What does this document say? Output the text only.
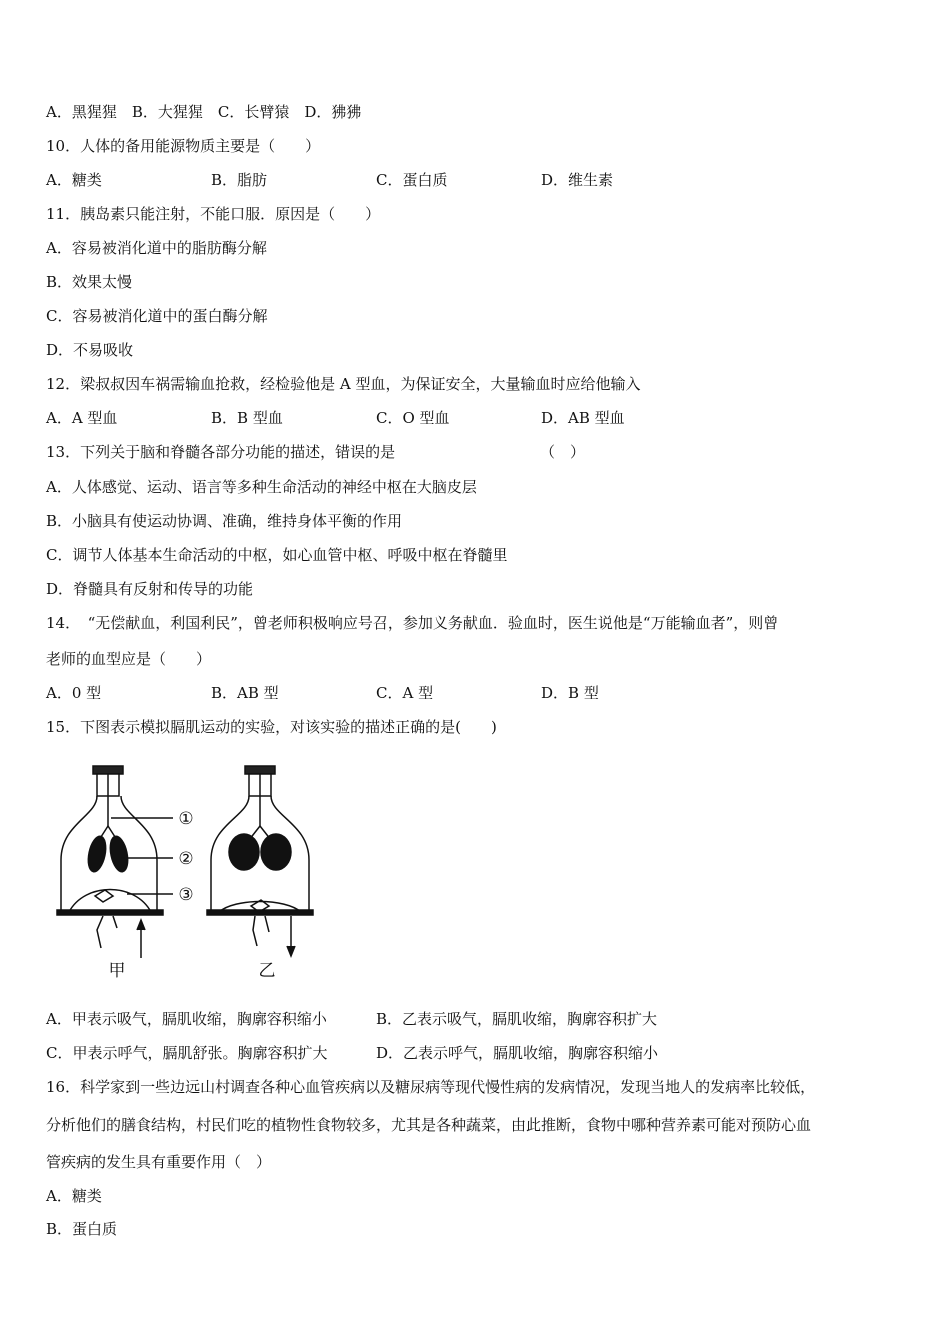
A．黑猩猩　B．大猩猩　C．长臂猿　D．狒狒
10．人体的备用能源物质主要是（　　）
A．糖类	B．脂肪	C．蛋白质	D．维生素
11．胰岛素只能注射，不能口服．原因是（　　）
A．容易被消化道中的脂肪酶分解
B．效果太慢
C．容易被消化道中的蛋白酶分解
D．不易吸收
12．梁叔叔因车祸需输血抢救，经检验他是 A 型血，为保证安全，大量输血时应给他输入
A．A 型血	B．B 型血	C．O 型血	D．AB 型血
13．下列关于脑和脊髓各部分功能的描述，错误的是	（　）
A．人体感觉、运动、语言等多种生命活动的神经中枢在大脑皮层
B．小脑具有使运动协调、准确，维持身体平衡的作用
C．调节人体基本生命活动的中枢，如心血管中枢、呼吸中枢在脊髓里
D．脊髓具有反射和传导的功能
14．　“无偿献血，利国利民”，曾老师积极响应号召，参加义务献血．验血时，医生说他是“万能输血者”，则曾
老师的血型应是（　　）
A．0 型	B．AB 型	C．A 型	D．B 型
15．下图表示模拟膈肌运动的实验，对该实验的描述正确的是(　　)
①
②
③
甲	乙
A．甲表示吸气，膈肌收缩，胸廓容积缩小	B．乙表示吸气，膈肌收缩，胸廓容积扩大
C．甲表示呼气，膈肌舒张。胸廓容积扩大	D．乙表示呼气，膈肌收缩，胸廓容积缩小
16．科学家到一些边远山村调查各种心血管疾病以及糖尿病等现代慢性病的发病情况，发现当地人的发病率比较低，
分析他们的膳食结构，村民们吃的植物性食物较多，尤其是各种蔬菜，由此推断，食物中哪种营养素可能对预防心血
管疾病的发生具有重要作用（　）
A．糖类
B．蛋白质
